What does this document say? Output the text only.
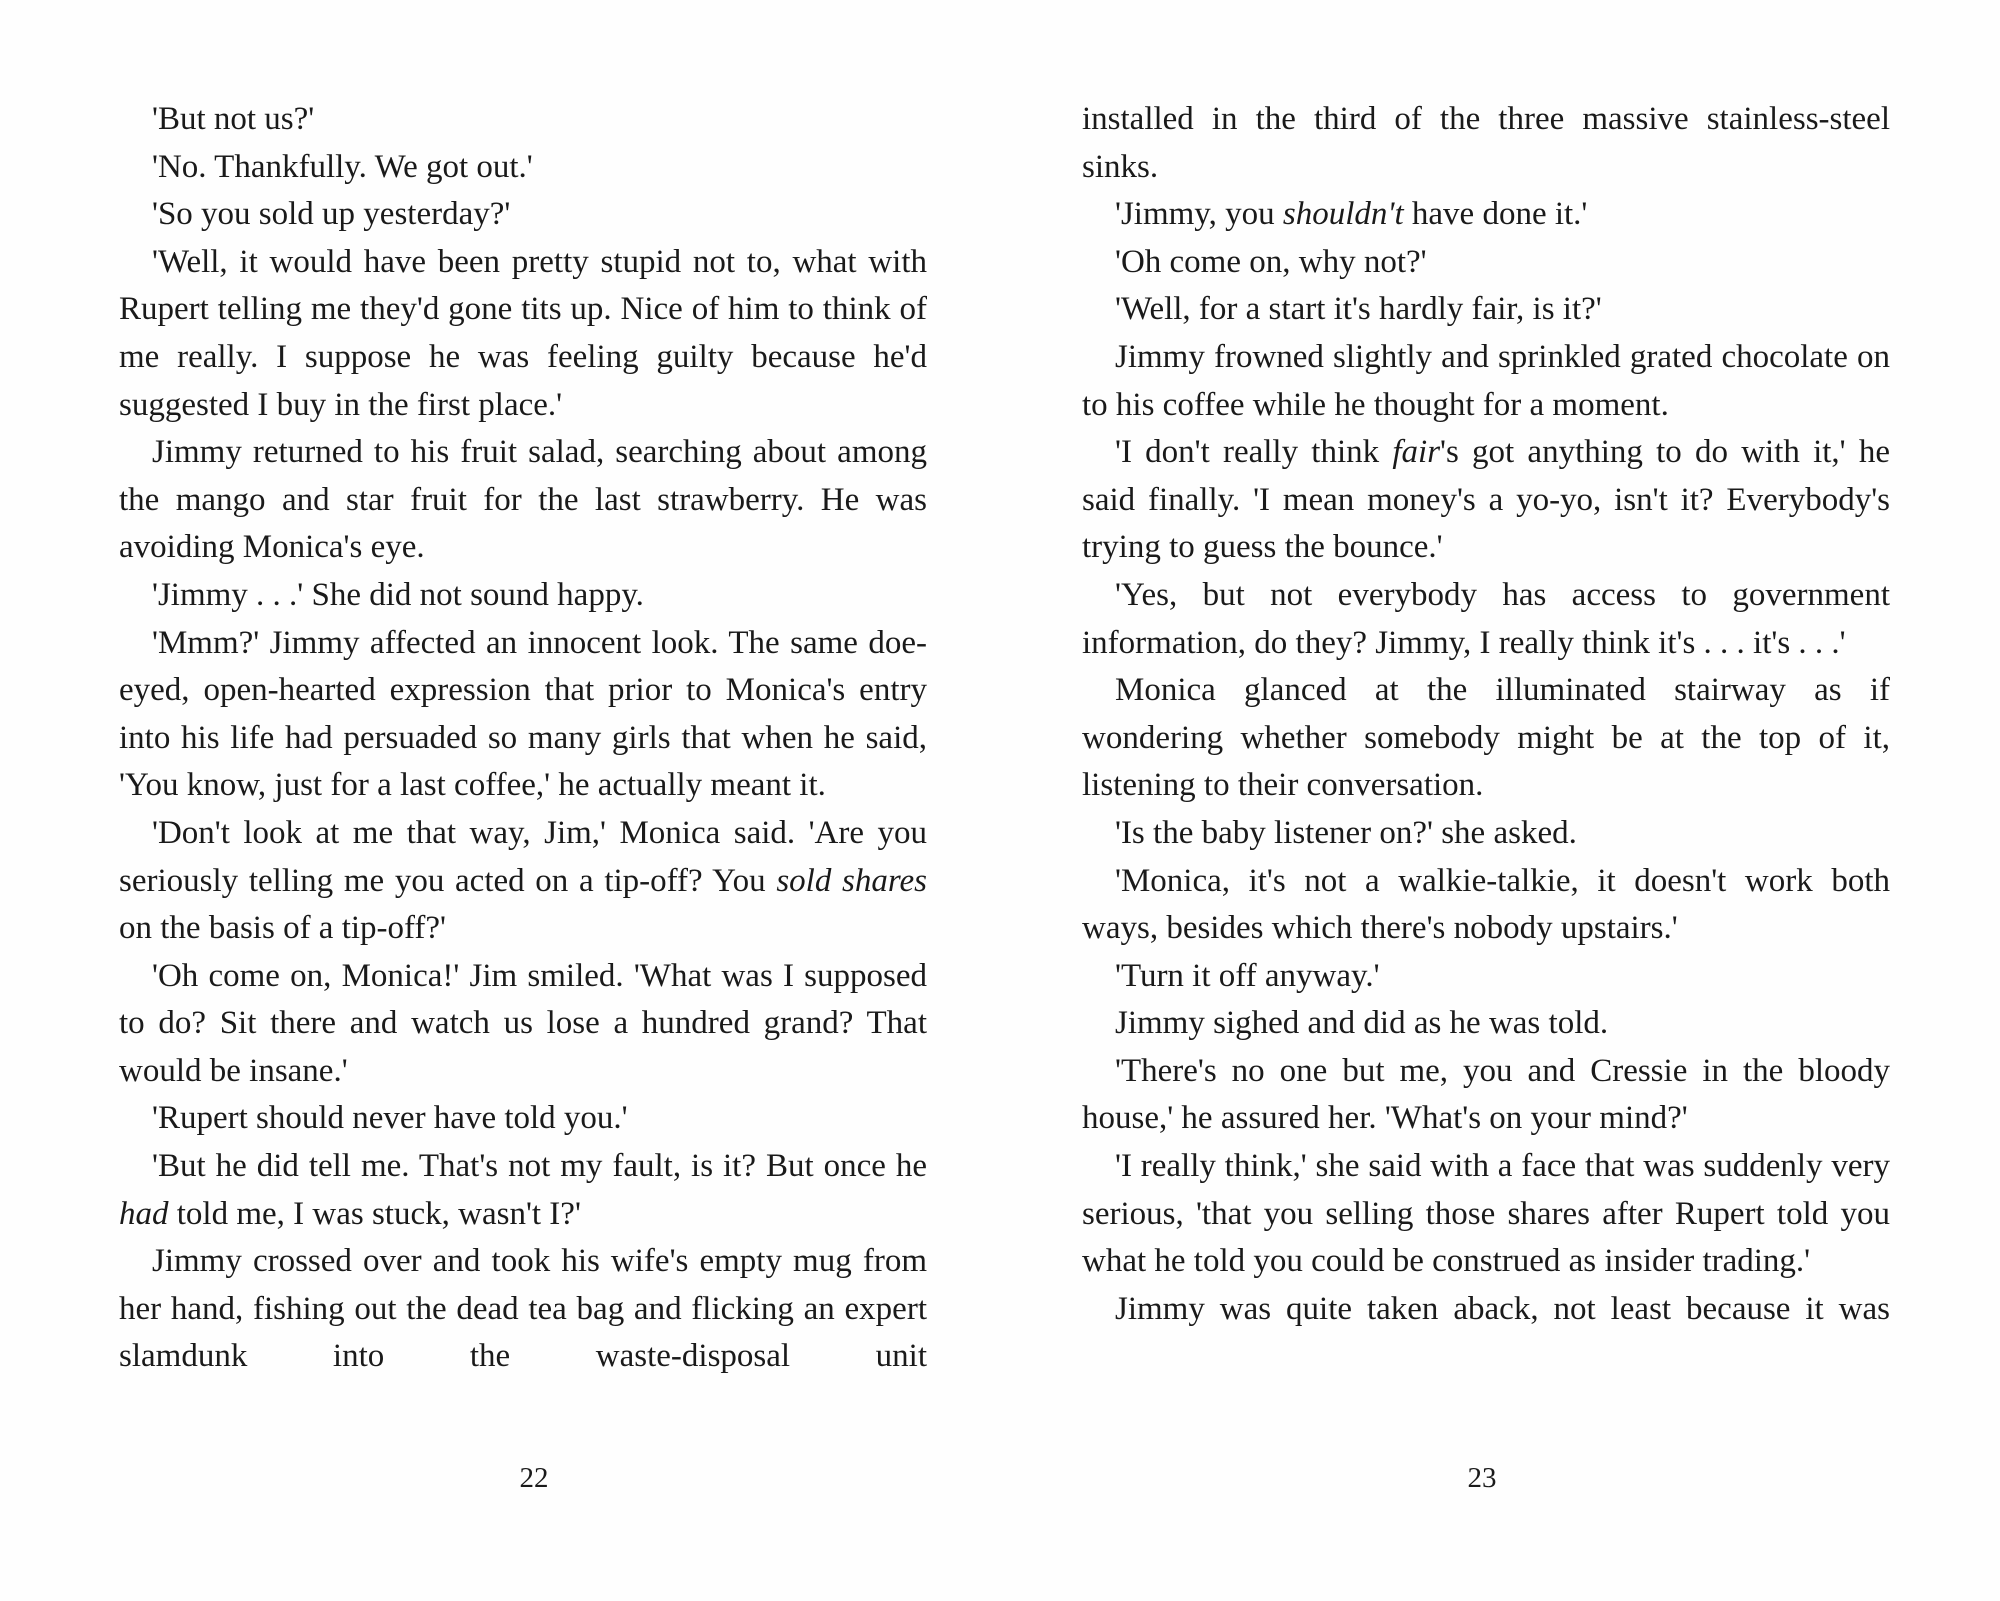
'But not us?'

'No. Thankfully. We got out.'

'So you sold up yesterday?'

'Well, it would have been pretty stupid not to, what with Rupert telling me they'd gone tits up. Nice of him to think of me really. I suppose he was feeling guilty because he'd suggested I buy in the first place.'

Jimmy returned to his fruit salad, searching about among the mango and star fruit for the last strawberry. He was avoiding Monica's eye.

'Jimmy . . .' She did not sound happy.

'Mmm?' Jimmy affected an innocent look. The same doe-eyed, open-hearted expression that prior to Monica's entry into his life had persuaded so many girls that when he said, 'You know, just for a last coffee,' he actually meant it.

'Don't look at me that way, Jim,' Monica said. 'Are you seriously telling me you acted on a tip-off? You sold shares on the basis of a tip-off?'

'Oh come on, Monica!' Jim smiled. 'What was I supposed to do? Sit there and watch us lose a hundred grand? That would be insane.'

'Rupert should never have told you.'

'But he did tell me. That's not my fault, is it? But once he had told me, I was stuck, wasn't I?'

Jimmy crossed over and took his wife's empty mug from her hand, fishing out the dead tea bag and flicking an expert slamdunk into the waste-disposal unit

22

installed in the third of the three massive stainless-steel sinks.

'Jimmy, you shouldn't have done it.'

'Oh come on, why not?'

'Well, for a start it's hardly fair, is it?'

Jimmy frowned slightly and sprinkled grated chocolate on to his coffee while he thought for a moment.

'I don't really think fair's got anything to do with it,' he said finally. 'I mean money's a yo-yo, isn't it? Everybody's trying to guess the bounce.'

'Yes, but not everybody has access to government information, do they? Jimmy, I really think it's . . . it's . . .'

Monica glanced at the illuminated stairway as if wondering whether somebody might be at the top of it, listening to their conversation.

'Is the baby listener on?' she asked.

'Monica, it's not a walkie-talkie, it doesn't work both ways, besides which there's nobody upstairs.'

'Turn it off anyway.'

Jimmy sighed and did as he was told.

'There's no one but me, you and Cressie in the bloody house,' he assured her. 'What's on your mind?'

'I really think,' she said with a face that was suddenly very serious, 'that you selling those shares after Rupert told you what he told you could be construed as insider trading.'

Jimmy was quite taken aback, not least because it was

23
